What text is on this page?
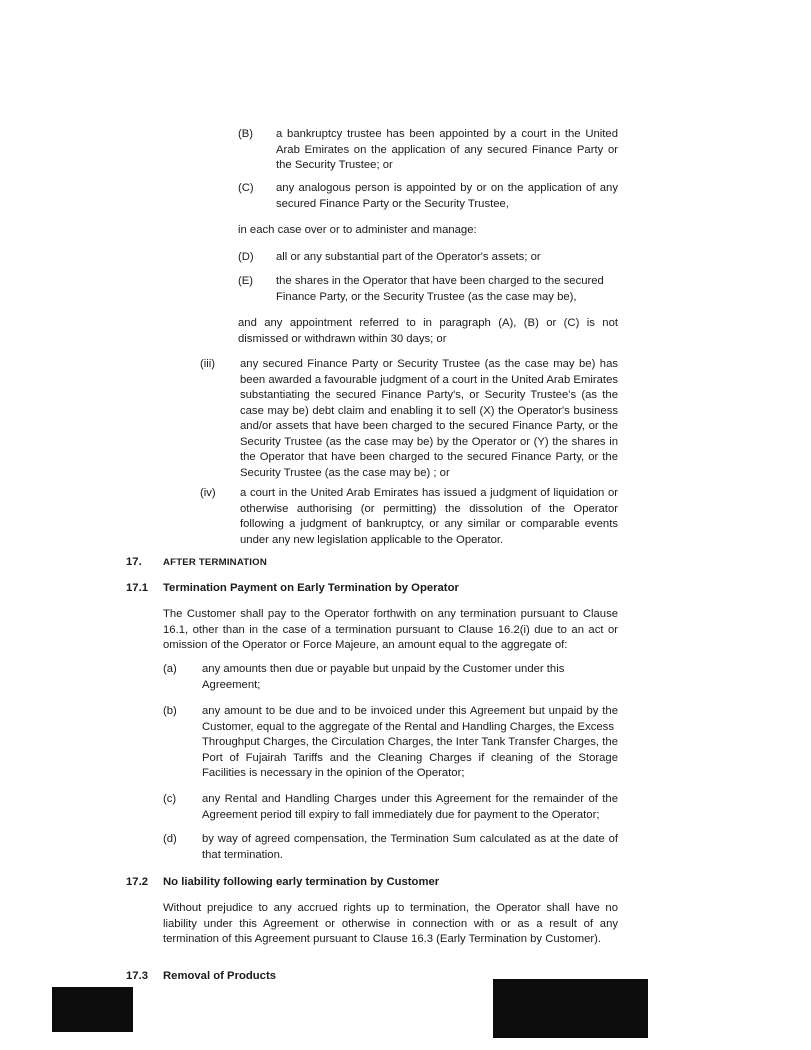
(B) a bankruptcy trustee has been appointed by a court in the United Arab Emirates on the application of any secured Finance Party or the Security Trustee; or
(C) any analogous person is appointed by or on the application of any secured Finance Party or the Security Trustee,
in each case over or to administer and manage:
(D) all or any substantial part of the Operator's assets; or
(E) the shares in the Operator that have been charged to the secured Finance Party, or the Security Trustee (as the case may be),
and any appointment referred to in paragraph (A), (B) or (C) is not dismissed or withdrawn within 30 days; or
(iii) any secured Finance Party or Security Trustee (as the case may be) has been awarded a favourable judgment of a court in the United Arab Emirates substantiating the secured Finance Party's, or Security Trustee's (as the case may be) debt claim and enabling it to sell (X) the Operator's business and/or assets that have been charged to the secured Finance Party, or the Security Trustee (as the case may be) by the Operator or (Y) the shares in the Operator that have been charged to the secured Finance Party, or the Security Trustee (as the case may be) ; or
(iv) a court in the United Arab Emirates has issued a judgment of liquidation or otherwise authorising (or permitting) the dissolution of the Operator following a judgment of bankruptcy, or any similar or comparable events under any new legislation applicable to the Operator.
17. AFTER TERMINATION
17.1 Termination Payment on Early Termination by Operator
The Customer shall pay to the Operator forthwith on any termination pursuant to Clause 16.1, other than in the case of a termination pursuant to Clause 16.2(i) due to an act or omission of the Operator or Force Majeure, an amount equal to the aggregate of:
(a) any amounts then due or payable but unpaid by the Customer under this Agreement;
(b) any amount to be due and to be invoiced under this Agreement but unpaid by the Customer, equal to the aggregate of the Rental and Handling Charges, the Excess
Throughput Charges, the Circulation Charges, the Inter Tank Transfer Charges, the Port of Fujairah Tariffs and the Cleaning Charges if cleaning of the Storage Facilities is necessary in the opinion of the Operator;
(c) any Rental and Handling Charges under this Agreement for the remainder of the Agreement period till expiry to fall immediately due for payment to the Operator;
(d) by way of agreed compensation, the Termination Sum calculated as at the date of that termination.
17.2 No liability following early termination by Customer
Without prejudice to any accrued rights up to termination, the Operator shall have no liability under this Agreement or otherwise in connection with or as a result of any termination of this Agreement pursuant to Clause 16.3 (Early Termination by Customer).
17.3 Removal of Products
